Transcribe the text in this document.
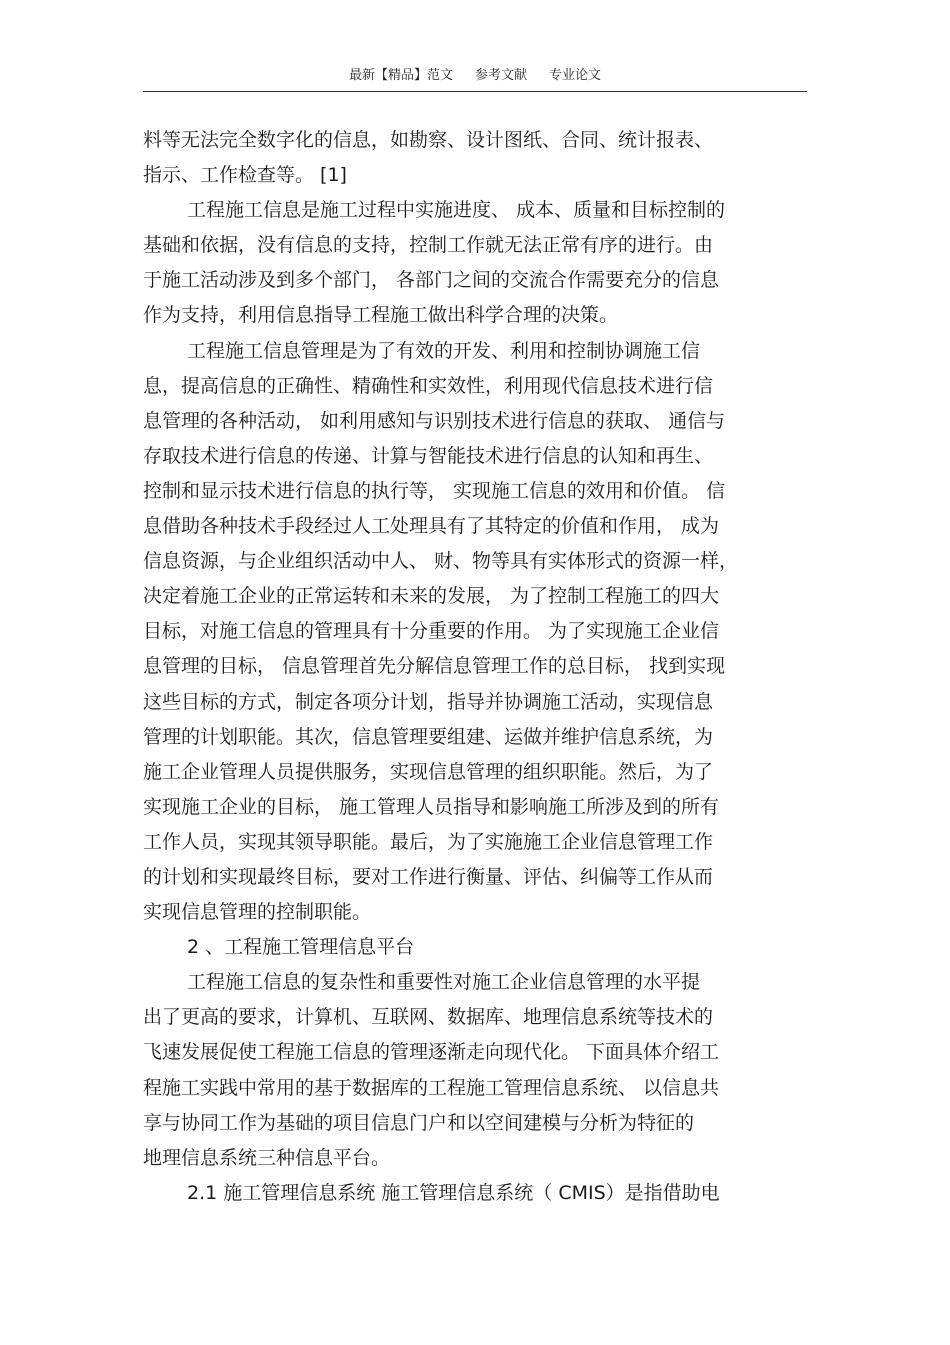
最新【精品】范文 参考文献 专业论文
料等无法完全数字化的信息，如勘察、设计图纸、合同、统计报表、
指示、工作检查等。 [1]
工程施工信息是施工过程中实施进度、 成本、质量和目标控制的
基础和依据，没有信息的支持，控制工作就无法正常有序的进行。由
于施工活动涉及到多个部门， 各部门之间的交流合作需要充分的信息
作为支持，利用信息指导工程施工做出科学合理的决策。
工程施工信息管理是为了有效的开发、利用和控制协调施工信
息，提高信息的正确性、精确性和实效性，利用现代信息技术进行信
息管理的各种活动， 如利用感知与识别技术进行信息的获取、 通信与
存取技术进行信息的传递、计算与智能技术进行信息的认知和再生、
控制和显示技术进行信息的执行等， 实现施工信息的效用和价值。 信
息借助各种技术手段经过人工处理具有了其特定的价值和作用， 成为
信息资源，与企业组织活动中人、 财、物等具有实体形式的资源一样，
决定着施工企业的正常运转和未来的发展， 为了控制工程施工的四大
目标，对施工信息的管理具有十分重要的作用。 为了实现施工企业信
息管理的目标， 信息管理首先分解信息管理工作的总目标， 找到实现
这些目标的方式，制定各项分计划，指导并协调施工活动，实现信息
管理的计划职能。其次，信息管理要组建、运做并维护信息系统，为
施工企业管理人员提供服务，实现信息管理的组织职能。然后，为了
实现施工企业的目标， 施工管理人员指导和影响施工所涉及到的所有
工作人员，实现其领导职能。最后，为了实施施工企业信息管理工作
的计划和实现最终目标，要对工作进行衡量、评估、纠偏等工作从而
实现信息管理的控制职能。
2 、工程施工管理信息平台
工程施工信息的复杂性和重要性对施工企业信息管理的水平提
出了更高的要求，计算机、互联网、数据库、地理信息系统等技术的
飞速发展促使工程施工信息的管理逐渐走向现代化。 下面具体介绍工
程施工实践中常用的基于数据库的工程施工管理信息系统、 以信息共
享与协同工作为基础的项目信息门户和以空间建模与分析为特征的
地理信息系统三种信息平台。
2.1 施工管理信息系统 施工管理信息系统（ CMIS）是指借助电
